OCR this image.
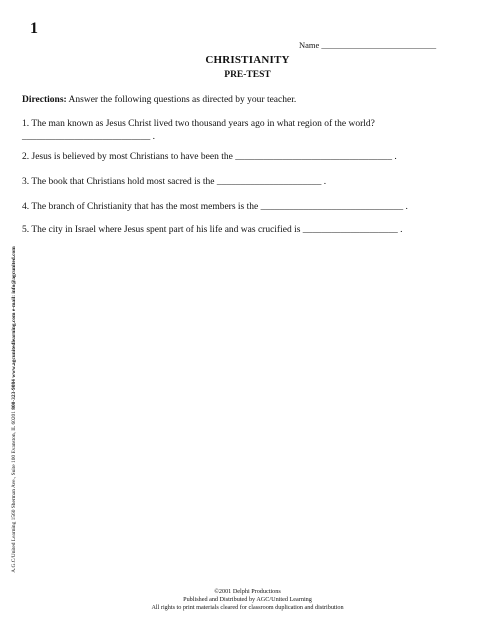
1
Name ___________________________
CHRISTIANITY
PRE-TEST
Directions: Answer the following questions as directed by your teacher.
1. The man known as Jesus Christ lived two thousand years ago in what region of the world?
___________________________ .
2. Jesus is believed by most Christians to have been the _________________________________ .
3. The book that Christians hold most sacred is the ______________________ .
4. The branch of Christianity that has the most members is the ______________________________ .
5. The city in Israel where Jesus spent part of his life and was crucified is ____________________ .
A.G.C/United Learning 1560 Sherman Ave., Suite 100 Evanston, IL 60201 800-323-9084 www.agcunitedlearning.com e-mail: info@agcunited.com
©2001 Delphi Productions
Published and Distributed by AGC/United Learning
All rights to print materials cleared for classroom duplication and distribution
